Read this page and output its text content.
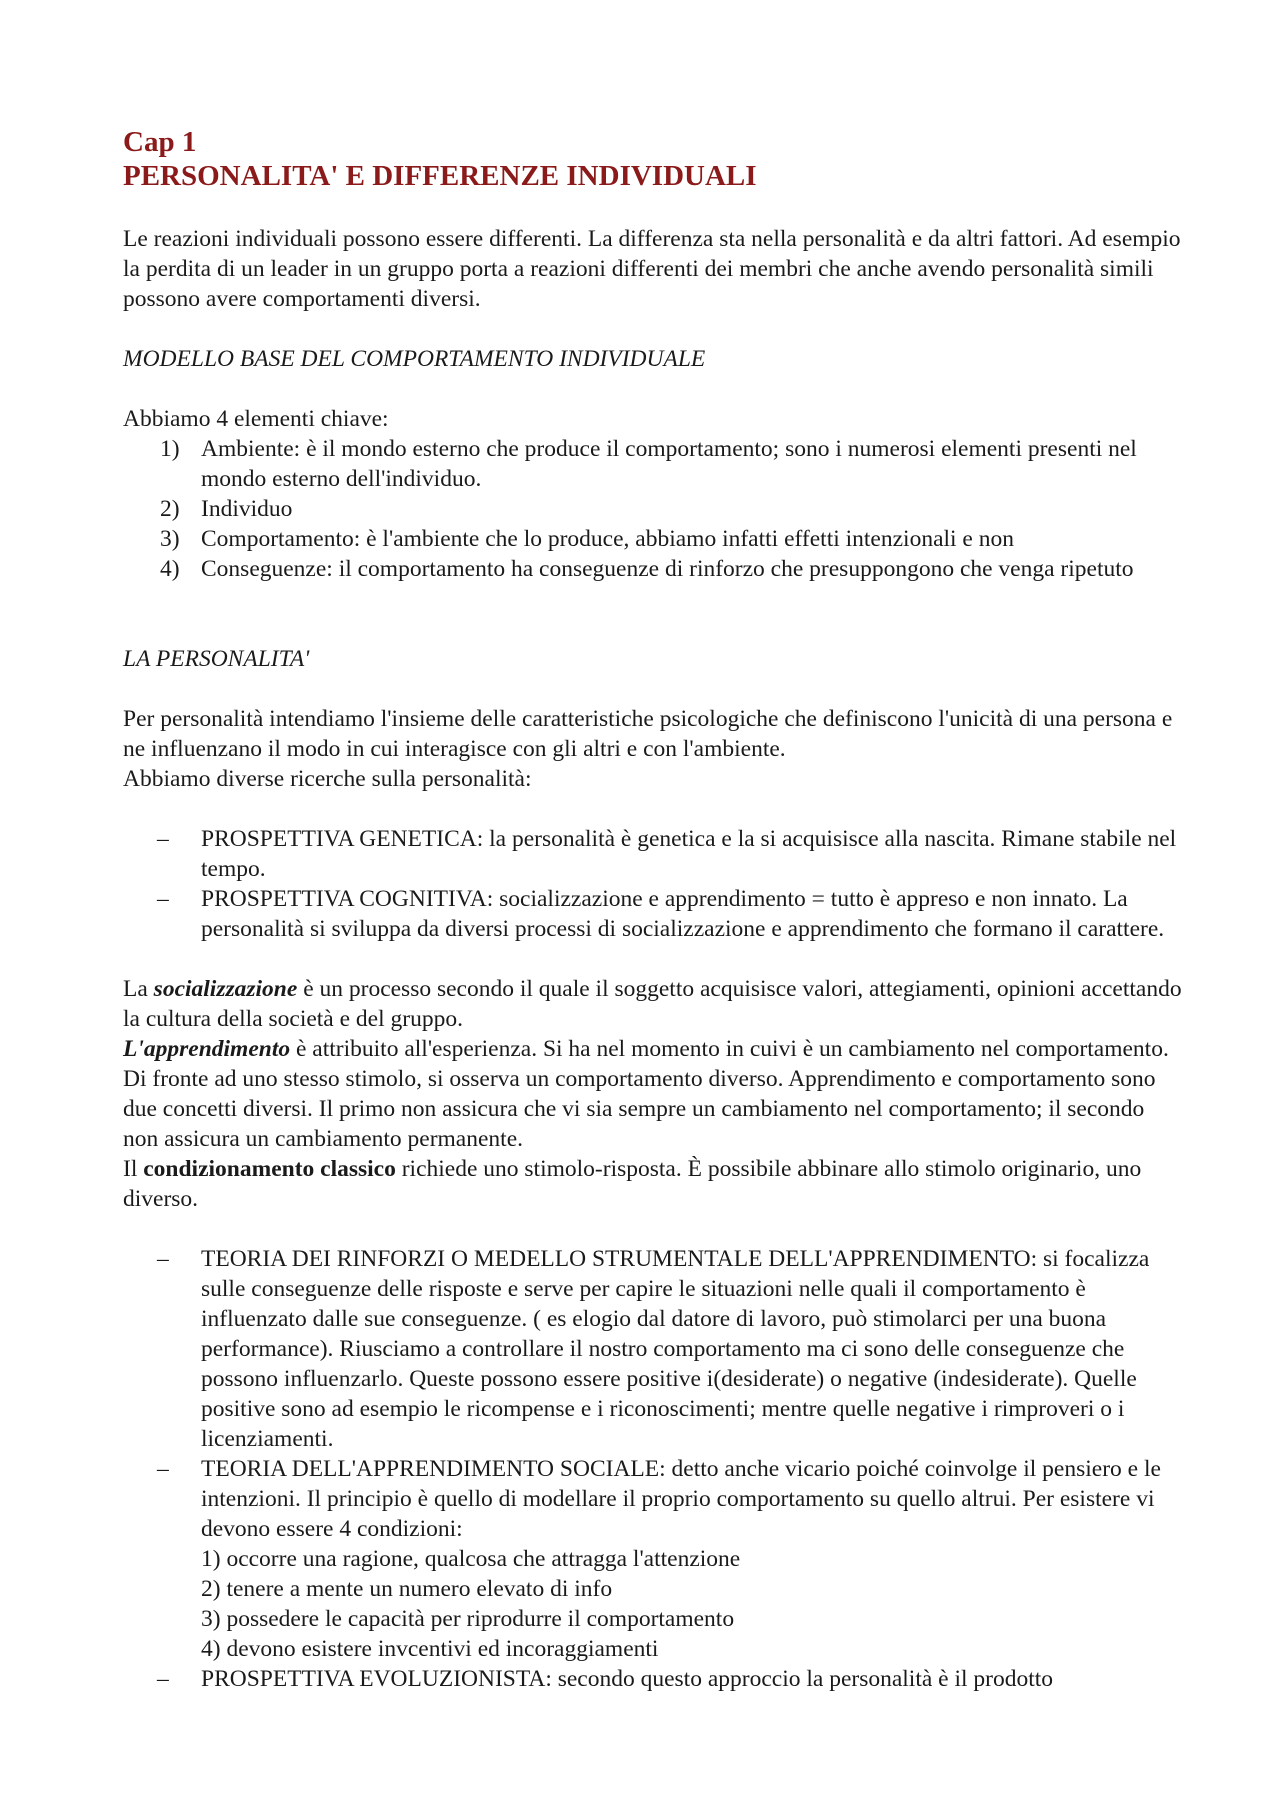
Cap 1
PERSONALITA' E DIFFERENZE INDIVIDUALI

Le reazioni individuali possono essere differenti. La differenza sta nella personalità e da altri fattori. Ad esempio la perdita di un leader in un gruppo porta a reazioni differenti dei membri che anche avendo personalità simili possono avere comportamenti diversi.

MODELLO BASE DEL COMPORTAMENTO INDIVIDUALE

Abbiamo 4 elementi chiave:

1) Ambiente: è il mondo esterno che produce il comportamento; sono i numerosi elementi presenti nel mondo esterno dell'individuo.
2) Individuo
3) Comportamento: è l'ambiente che lo produce, abbiamo infatti effetti intenzionali e non
4) Conseguenze: il comportamento ha conseguenze di rinforzo che presuppongono che venga ripetuto

LA PERSONALITA'

Per personalità intendiamo l'insieme delle caratteristiche psicologiche che definiscono l'unicità di una persona e ne influenzano il modo in cui interagisce con gli altri e con l'ambiente.
Abbiamo diverse ricerche sulla personalità:

– PROSPETTIVA GENETICA: la personalità è genetica e la si acquisisce alla nascita. Rimane stabile nel tempo.
– PROSPETTIVA COGNITIVA: socializzazione e apprendimento = tutto è appreso e non innato. La personalità si sviluppa da diversi processi di socializzazione e apprendimento che formano il carattere.

La socializzazione è un processo secondo il quale il soggetto acquisisce valori, attegiamenti, opinioni accettando la cultura della società e del gruppo.
L'apprendimento è attribuito all'esperienza. Si ha nel momento in cuivi è un cambiamento nel comportamento. Di fronte ad uno stesso stimolo, si osserva un comportamento diverso. Apprendimento e comportamento sono due concetti diversi. Il primo non assicura che vi sia sempre un cambiamento nel comportamento; il secondo non assicura un cambiamento permanente.
Il condizionamento classico richiede uno stimolo-risposta. È possibile abbinare allo stimolo originario, uno diverso.

– TEORIA DEI RINFORZI O MEDELLO STRUMENTALE DELL'APPRENDIMENTO: si focalizza sulle conseguenze delle risposte e serve per capire le situazioni nelle quali il comportamento è influenzato dalle sue conseguenze. ( es elogio dal datore di lavoro, può stimolarci per una buona performance). Riusciamo a controllare il nostro comportamento ma ci sono delle conseguenze che possono influenzarlo. Queste possono essere positive i(desiderate) o negative (indesiderate). Quelle positive sono ad esempio le ricompense e i riconoscimenti; mentre quelle negative i rimproveri o i licenziamenti.
– TEORIA DELL'APPRENDIMENTO SOCIALE: detto anche vicario poiché coinvolge il pensiero e le intenzioni. Il principio è quello di modellare il proprio comportamento su quello altrui. Per esistere vi devono essere 4 condizioni:
1) occorre una ragione, qualcosa che attragga l'attenzione
2) tenere a mente un numero elevato di info
3) possedere le capacità per riprodurre il comportamento
4) devono esistere invcentivi ed incoraggiamenti
– PROSPETTIVA EVOLUZIONISTA: secondo questo approccio la personalità è il prodotto
